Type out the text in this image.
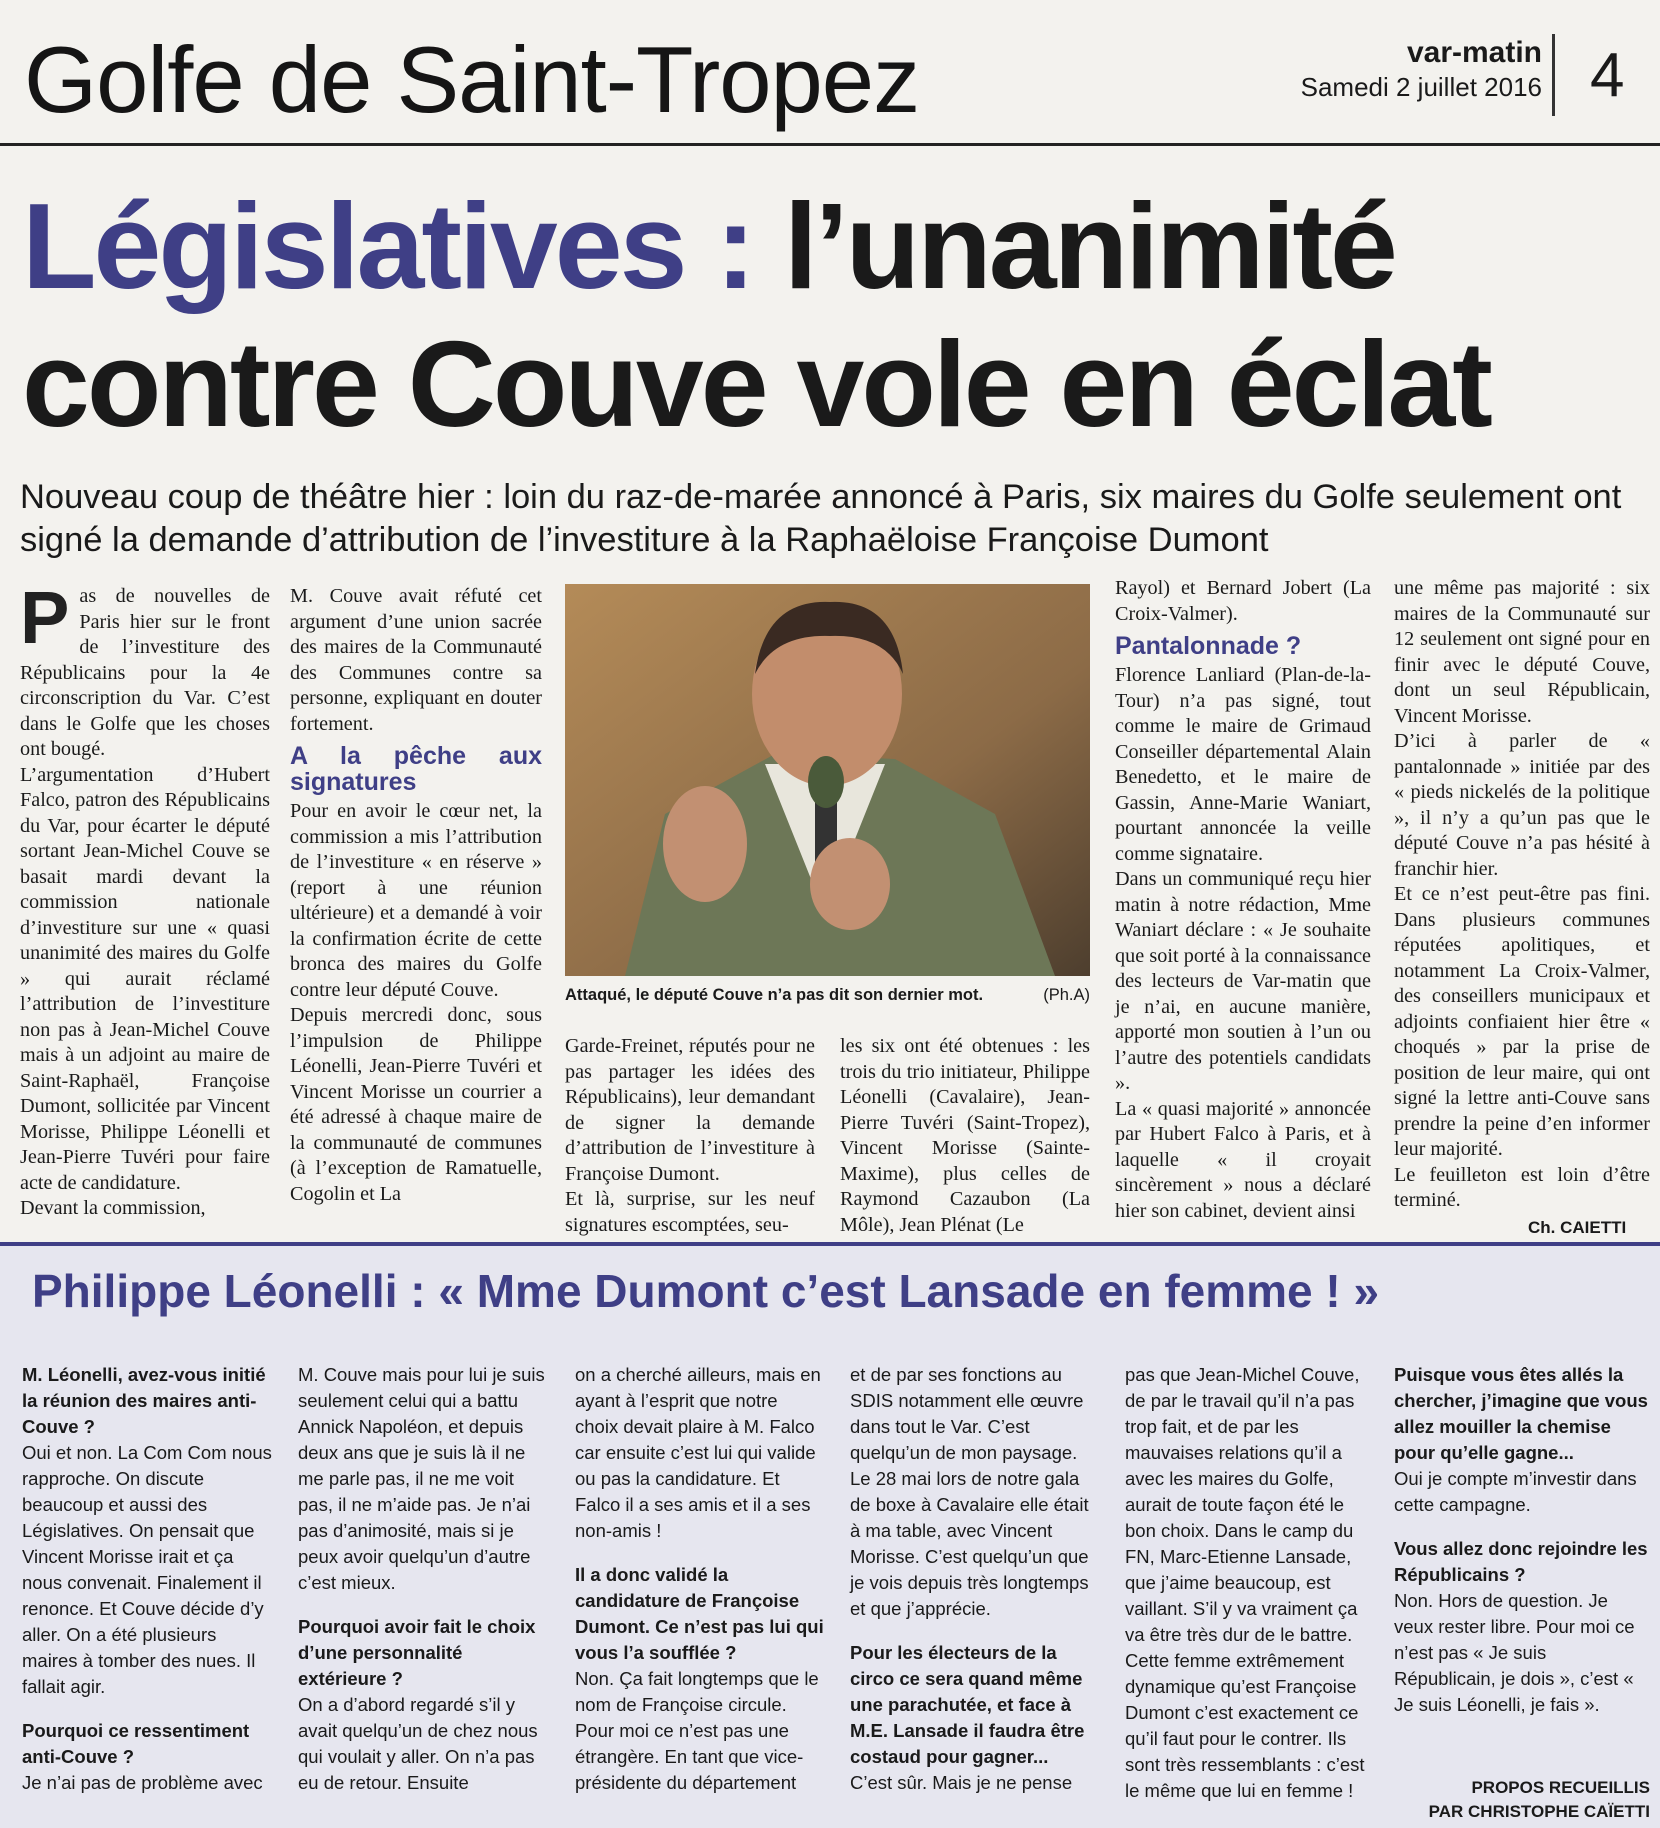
Golfe de Saint-Tropez	var-matin
Samedi 2 juillet 2016 4
Législatives : l’unanimité
contre Couve vole en éclat
Nouveau coup de théâtre hier : loin du raz-de-marée annoncé à Paris, six maires du Golfe seulement ont signé la demande d’attribution de l’investiture à la Raphaëloise Françoise Dumont

Pas de nouvelles de Paris hier sur le front de l’investiture des Républicains pour la 4e circonscription du Var. C’est dans le Golfe que les choses ont bougé.

L’argumentation d’Hubert Falco, patron des Républicains du Var, pour écarter le député sortant Jean-Michel Couve se basait mardi devant la commission nationale d’investiture sur une « quasi unanimité des maires du Golfe » qui aurait réclamé l’attribution de l’investiture non pas à Jean-Michel Couve mais à un adjoint au maire de Saint-Raphaël, Françoise Dumont, sollicitée par Vincent Morisse, Philippe Léonelli et Jean-Pierre Tuvéri pour faire acte de candidature.

Devant la commission,

M. Couve avait réfuté cet argument d’une union sacrée des maires de la Communauté des Communes contre sa personne, expliquant en douter fortement.

A la pêche aux signatures

Pour en avoir le cœur net, la commission a mis l’attribution de l’investiture « en réserve » (report à une réunion ultérieure) et a demandé à voir la confirmation écrite de cette bronca des maires du Golfe contre leur député Couve.

Depuis mercredi donc, sous l’impulsion de Philippe Léonelli, Jean-Pierre Tuvéri et Vincent Morisse un courrier a été adressé à chaque maire de la communauté de communes (à l’exception de Ramatuelle, Cogolin et La

Attaqué, le député Couve n’a pas dit son dernier mot.	(Ph.A)

Garde-Freinet, réputés pour ne pas partager les idées des Républicains), leur demandant de signer la demande d’attribution de l’investiture à Françoise Dumont.

Et là, surprise, sur les neuf signatures escomptées, seu-

les six ont été obtenues : les trois du trio initiateur, Philippe Léonelli (Cavalaire), Jean-Pierre Tuvéri (Saint-Tropez), Vincent Morisse (Sainte-Maxime), plus celles de Raymond Cazaubon (La Môle), Jean Plénat (Le

Rayol) et Bernard Jobert (La Croix-Valmer).

Pantalonnade ?

Florence Lanliard (Plan-de-la-Tour) n’a pas signé, tout comme le maire de Grimaud Conseiller départemental Alain Benedetto, et le maire de Gassin, Anne-Marie Waniart, pourtant annoncée la veille comme signataire.

Dans un communiqué reçu hier matin à notre rédaction, Mme Waniart déclare : « Je souhaite que soit porté à la connaissance des lecteurs de Var-matin que je n’ai, en aucune manière, apporté mon soutien à l’un ou l’autre des potentiels candidats ».

La « quasi majorité » annoncée par Hubert Falco à Paris, et à laquelle « il croyait sincèrement » nous a déclaré hier son cabinet, devient ainsi

une même pas majorité : six maires de la Communauté sur 12 seulement ont signé pour en finir avec le député Couve, dont un seul Républicain, Vincent Morisse.

D’ici à parler de « pantalonnade » initiée par des « pieds nickelés de la politique », il n’y a qu’un pas que le député Couve n’a pas hésité à franchir hier.

Et ce n’est peut-être pas fini. Dans plusieurs communes réputées apolitiques, et notamment La Croix-Valmer, des conseillers municipaux et adjoints confiaient hier être « choqués » par la prise de position de leur maire, qui ont signé la lettre anti-Couve sans prendre la peine d’en informer leur majorité.

Le feuilleton est loin d’être terminé.

Ch. CAIETTI
Philippe Léonelli : « Mme Dumont c’est Lansade en femme ! »

M. Léonelli, avez-vous initié la réunion des maires anti-Couve ?

Oui et non. La Com Com nous rapproche. On discute beaucoup et aussi des Législatives. On pensait que Vincent Morisse irait et ça nous convenait. Finalement il renonce. Et Couve décide d’y aller. On a été plusieurs maires à tomber des nues. Il fallait agir.

Pourquoi ce ressentiment anti-Couve ?

Je n’ai pas de problème avec

M. Couve mais pour lui je suis seulement celui qui a battu Annick Napoléon, et depuis deux ans que je suis là il ne me parle pas, il ne me voit pas, il ne m’aide pas. Je n’ai pas d’animosité, mais si je peux avoir quelqu’un d’autre c’est mieux.

Pourquoi avoir fait le choix d’une personnalité extérieure ?

On a d’abord regardé s’il y avait quelqu’un de chez nous qui voulait y aller. On n’a pas eu de retour. Ensuite

on a cherché ailleurs, mais en ayant à l’esprit que notre choix devait plaire à M. Falco car ensuite c’est lui qui valide ou pas la candidature. Et Falco il a ses amis et il a ses non-amis !

Il a donc validé la candidature de Françoise Dumont. Ce n’est pas lui qui vous l’a soufflée ?

Non. Ça fait longtemps que le nom de Françoise circule. Pour moi ce n’est pas une étrangère. En tant que vice-présidente du département

et de par ses fonctions au SDIS notamment elle œuvre dans tout le Var. C’est quelqu’un de mon paysage. Le 28 mai lors de notre gala de boxe à Cavalaire elle était à ma table, avec Vincent Morisse. C’est quelqu’un que je vois depuis très longtemps et que j’apprécie.

Pour les électeurs de la circo ce sera quand même une parachutée, et face à M.E. Lansade il faudra être costaud pour gagner...

C’est sûr. Mais je ne pense

pas que Jean-Michel Couve, de par le travail qu’il n’a pas trop fait, et de par les mauvaises relations qu’il a avec les maires du Golfe, aurait de toute façon été le bon choix. Dans le camp du FN, Marc-Etienne Lansade, que j’aime beaucoup, est vaillant. S’il y va vraiment ça va être très dur de le battre. Cette femme extrêmement dynamique qu’est Françoise Dumont c’est exactement ce qu’il faut pour le contrer. Ils sont très ressemblants : c’est le même que lui en femme !

Puisque vous êtes allés la chercher, j’imagine que vous allez mouiller la chemise pour qu’elle gagne...

Oui je compte m’investir dans cette campagne.

Vous allez donc rejoindre les Républicains ?

Non. Hors de question. Je veux rester libre. Pour moi ce n’est pas « Je suis Républicain, je dois », c’est « Je suis Léonelli, je fais ».

PROPOS RECUEILLIS
PAR CHRISTOPHE CAÏETTI
